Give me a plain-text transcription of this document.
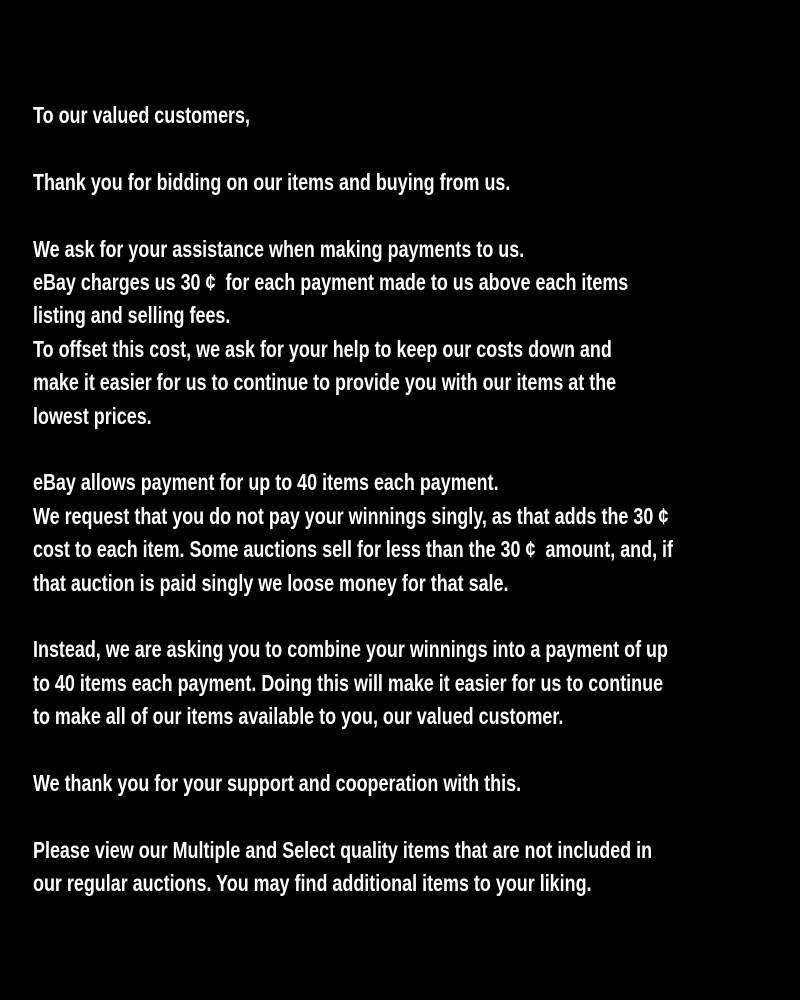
To our valued customers,
Thank you for bidding on our items and buying from us.
We ask for your assistance when making payments to us.
eBay charges us 30 ¢  for each payment made to us above each items
listing and selling fees.
To offset this cost, we ask for your help to keep our costs down and
make it easier for us to continue to provide you with our items at the
lowest prices.
eBay allows payment for up to 40 items each payment.
We request that you do not pay your winnings singly, as that adds the 30 ¢
cost to each item. Some auctions sell for less than the 30 ¢  amount, and, if
that auction is paid singly we loose money for that sale.
Instead, we are asking you to combine your winnings into a payment of up
to 40 items each payment. Doing this will make it easier for us to continue
to make all of our items available to you, our valued customer.
We thank you for your support and cooperation with this.
Please view our Multiple and Select quality items that are not included in
our regular auctions. You may find additional items to your liking.
